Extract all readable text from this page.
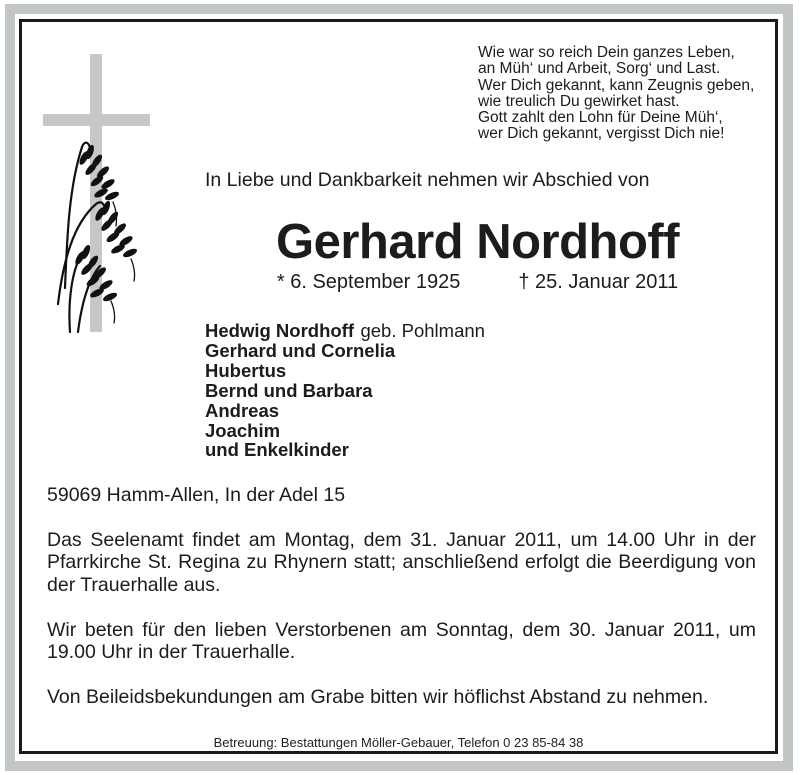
Wie war so reich Dein ganzes Leben,
an Müh‘ und Arbeit, Sorg‘ und Last.
Wer Dich gekannt, kann Zeugnis geben,
wie treulich Du gewirket hast.
Gott zahlt den Lohn für Deine Müh‘,
wer Dich gekannt, vergisst Dich nie!
In Liebe und Dankbarkeit nehmen wir Abschied von
Gerhard Nordhoff
* 6. September 1925	† 25. Januar 2011
Hedwig Nordhoff geb. Pohlmann
Gerhard und Cornelia
Hubertus
Bernd und Barbara
Andreas
Joachim
und Enkelkinder
59069 Hamm-Allen, In der Adel 15

Das Seelenamt findet am Montag, dem 31. Januar 2011, um 14.00 Uhr in der Pfarrkirche St. Regina zu Rhynern statt; anschließend erfolgt die Beerdigung von der Trauerhalle aus.

Wir beten für den lieben Verstorbenen am Sonntag, dem 30. Januar 2011, um 19.00 Uhr in der Trauerhalle.

Von Beileidsbekundungen am Grabe bitten wir höflichst Abstand zu nehmen.

Betreuung: Bestattungen Möller-Gebauer, Telefon 0 23 85-84 38
